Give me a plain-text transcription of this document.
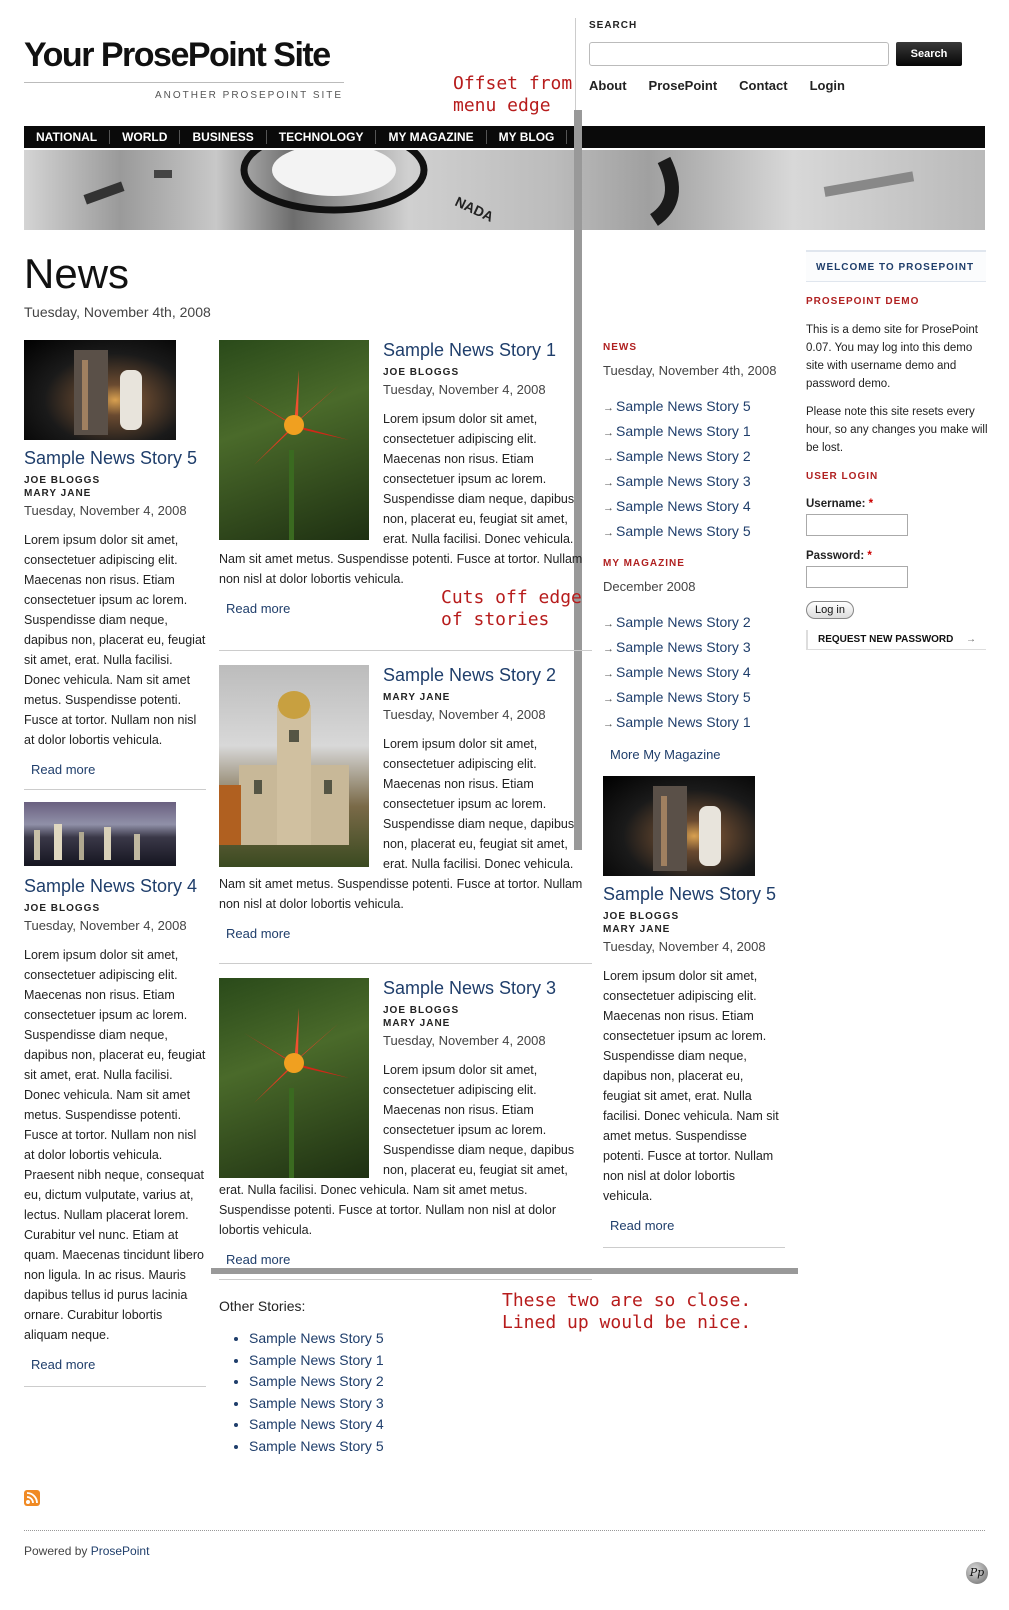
Your ProsePoint Site
ANOTHER PROSEPOINT SITE
SEARCH
Search
About ProsePoint Contact Login
NATIONAL	WORLD	BUSINESS	TECHNOLOGY	MY MAGAZINE	MY BLOG
NADA
Offset from
menu edge
Cuts off edge
of stories
These two are so close.
Lined up would be nice.
News
Tuesday, November 4th, 2008
Sample News Story 5
JOE BLOGGS
MARY JANE
Tuesday, November 4, 2008
Lorem ipsum dolor sit amet, consectetuer adipiscing elit. Maecenas non risus. Etiam consectetuer ipsum ac lorem. Suspendisse diam neque, dapibus non, placerat eu, feugiat sit amet, erat. Nulla facilisi. Donec vehicula. Nam sit amet metus. Suspendisse potenti. Fusce at tortor. Nullam non nisl at dolor lobortis vehicula.
Read more
Sample News Story 4
JOE BLOGGS
Tuesday, November 4, 2008
Lorem ipsum dolor sit amet, consectetuer adipiscing elit. Maecenas non risus. Etiam consectetuer ipsum ac lorem. Suspendisse diam neque, dapibus non, placerat eu, feugiat sit amet, erat. Nulla facilisi. Donec vehicula. Nam sit amet metus. Suspendisse potenti. Fusce at tortor. Nullam non nisl at dolor lobortis vehicula. Praesent nibh neque, consequat eu, dictum vulputate, varius at, lectus. Nullam placerat lorem. Curabitur vel nunc. Etiam at quam. Maecenas tincidunt libero non ligula. In ac risus. Mauris dapibus tellus id purus lacinia ornare. Curabitur lobortis aliquam neque.
Read more
Sample News Story 1
JOE BLOGGS
Tuesday, November 4, 2008
Lorem ipsum dolor sit amet, consectetuer adipiscing elit. Maecenas non risus. Etiam consectetuer ipsum ac lorem. Suspendisse diam neque, dapibus non, placerat eu, feugiat sit amet, erat. Nulla facilisi. Donec vehicula.
Nam sit amet metus. Suspendisse potenti. Fusce at tortor. Nullam non nisl at dolor lobortis vehicula.
Read more
Sample News Story 2
MARY JANE
Tuesday, November 4, 2008
Lorem ipsum dolor sit amet, consectetuer adipiscing elit. Maecenas non risus. Etiam consectetuer ipsum ac lorem. Suspendisse diam neque, dapibus non, placerat eu, feugiat sit amet, erat. Nulla facilisi. Donec vehicula.
Nam sit amet metus. Suspendisse potenti. Fusce at tortor. Nullam non nisl at dolor lobortis vehicula.
Read more
Sample News Story 3
JOE BLOGGS
MARY JANE
Tuesday, November 4, 2008
Lorem ipsum dolor sit amet, consectetuer adipiscing elit. Maecenas non risus. Etiam consectetuer ipsum ac lorem. Suspendisse diam neque, dapibus non, placerat eu, feugiat sit amet,
erat. Nulla facilisi. Donec vehicula. Nam sit amet metus. Suspendisse potenti. Fusce at tortor. Nullam non nisl at dolor lobortis vehicula.
Read more
Other Stories:
• Sample News Story 5
• Sample News Story 1
• Sample News Story 2
• Sample News Story 3
• Sample News Story 4
• Sample News Story 5
NEWS
Tuesday, November 4th, 2008
→ Sample News Story 5
→ Sample News Story 1
→ Sample News Story 2
→ Sample News Story 3
→ Sample News Story 4
→ Sample News Story 5
MY MAGAZINE
December 2008
→ Sample News Story 2
→ Sample News Story 3
→ Sample News Story 4
→ Sample News Story 5
→ Sample News Story 1
More My Magazine
Sample News Story 5
JOE BLOGGS
MARY JANE
Tuesday, November 4, 2008
Lorem ipsum dolor sit amet, consectetuer adipiscing elit. Maecenas non risus. Etiam consectetuer ipsum ac lorem. Suspendisse diam neque, dapibus non, placerat eu, feugiat sit amet, erat. Nulla facilisi. Donec vehicula. Nam sit amet metus. Suspendisse potenti. Fusce at tortor. Nullam non nisl at dolor lobortis vehicula.
Read more
WELCOME TO PROSEPOINT
PROSEPOINT DEMO
This is a demo site for ProsePoint 0.07. You may log into this demo site with username demo and password demo.
Please note this site resets every hour, so any changes you make will be lost.
USER LOGIN
Username: *
Password: *
Log in
REQUEST NEW PASSWORD →
Powered by ProsePoint
Pp
